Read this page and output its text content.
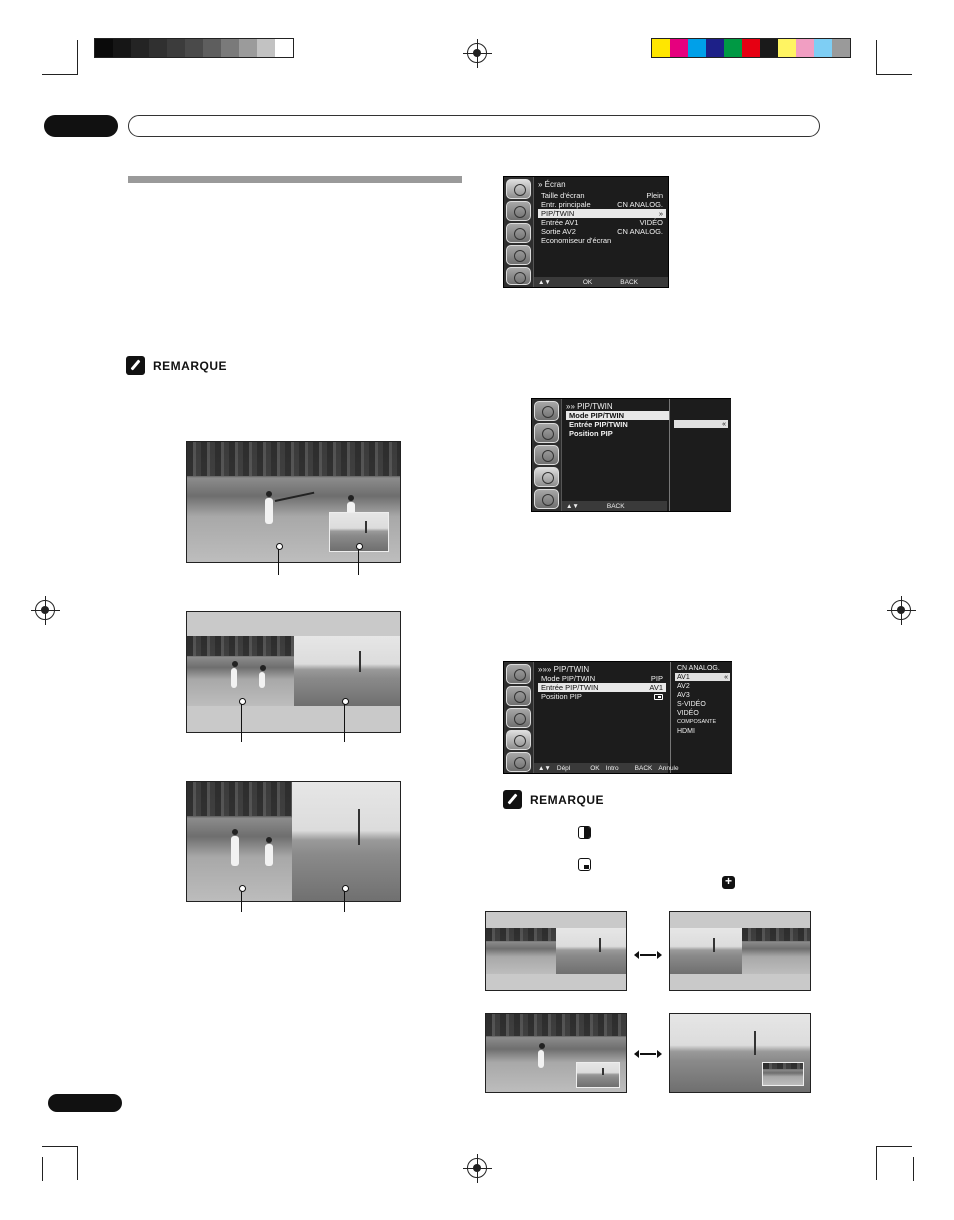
REMARQUE
» Écran
Taille d'écran	Plein
Entr. principale	CN ANALOG.
PIP/TWIN	»
Entrée AV1	VIDÉO
Sortie AV2	CN ANALOG.
Economiseur d'écran
▲▼	OK	BACK
»» PIP/TWIN
Mode PIP/TWIN
Entrée PIP/TWIN
Position PIP
«
▲▼	BACK
»»» PIP/TWIN
Mode PIP/TWIN	PIP
Entrée PIP/TWIN	AV1
Position PIP
CN ANALOG.
AV1	«
AV2
AV3
S-VIDÉO
VIDÉO
COMPOSANTE
HDMI
▲▼ Dépl	OK Intro BACK Annule
REMARQUE
+
